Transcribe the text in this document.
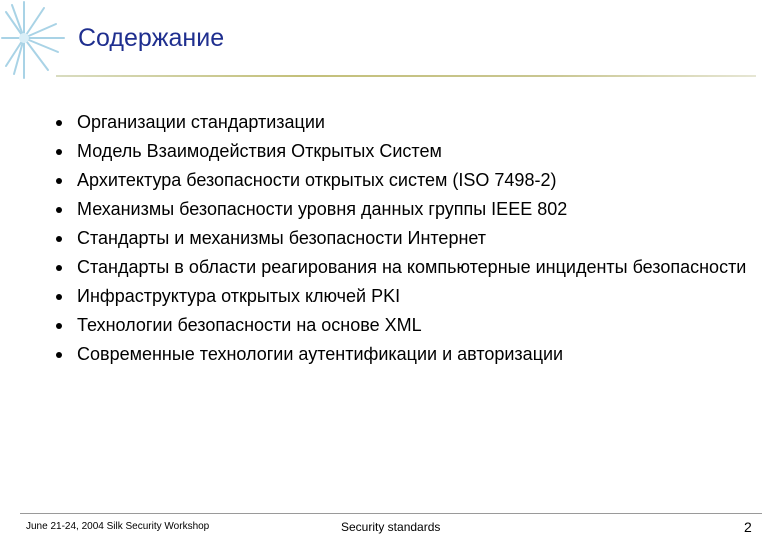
Содержание
Организации стандартизации
Модель Взаимодействия Открытых Систем
Архитектура безопасности открытых систем (ISO 7498-2)
Механизмы безопасности уровня данных группы IEEE 802
Стандарты и механизмы безопасности Интернет
Стандарты в области реагирования на компьютерные инциденты безопасности
Инфраструктура открытых ключей PKI
Технологии безопасности на основе XML
Современные технологии аутентификации и авторизации
June 21-24, 2004 Silk Security Workshop	Security standards	2
